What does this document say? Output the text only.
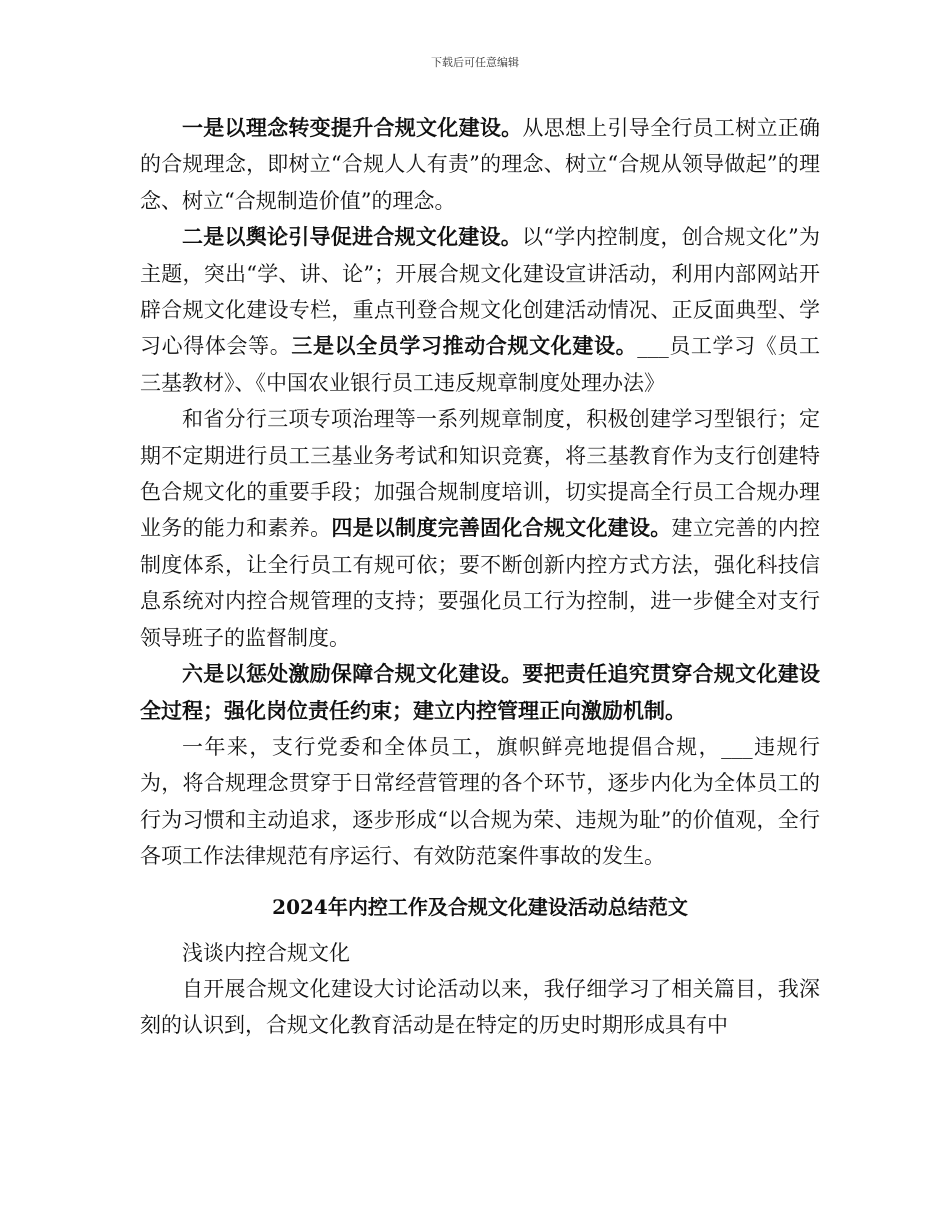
下载后可任意编辑

一是以理念转变提升合规文化建设。从思想上引导全行员工树立正确的合规理念，即树立“合规人人有责”的理念、树立“合规从领导做起”的理念、树立“合规制造价值”的理念。

二是以舆论引导促进合规文化建设。以“学内控制度，创合规文化”为主题，突出“学、讲、论”；开展合规文化建设宣讲活动，利用内部网站开辟合规文化建设专栏，重点刊登合规文化创建活动情况、正反面典型、学习心得体会等。三是以全员学习推动合规文化建设。___员工学习《员工三基教材》、《中国农业银行员工违反规章制度处理办法》

和省分行三项专项治理等一系列规章制度，积极创建学习型银行；定期不定期进行员工三基业务考试和知识竞赛，将三基教育作为支行创建特色合规文化的重要手段；加强合规制度培训，切实提高全行员工合规办理业务的能力和素养。四是以制度完善固化合规文化建设。建立完善的内控制度体系，让全行员工有规可依；要不断创新内控方式方法，强化科技信息系统对内控合规管理的支持；要强化员工行为控制，进一步健全对支行领导班子的监督制度。

六是以惩处激励保障合规文化建设。要把责任追究贯穿合规文化建设全过程；强化岗位责任约束；建立内控管理正向激励机制。

一年来，支行党委和全体员工，旗帜鲜亮地提倡合规，___违规行为，将合规理念贯穿于日常经营管理的各个环节，逐步内化为全体员工的行为习惯和主动追求，逐步形成“以合规为荣、违规为耻”的价值观，全行各项工作法律规范有序运行、有效防范案件事故的发生。

2024年内控工作及合规文化建设活动总结范文

浅谈内控合规文化

自开展合规文化建设大讨论活动以来，我仔细学习了相关篇目，我深刻的认识到，合规文化教育活动是在特定的历史时期形成具有中
